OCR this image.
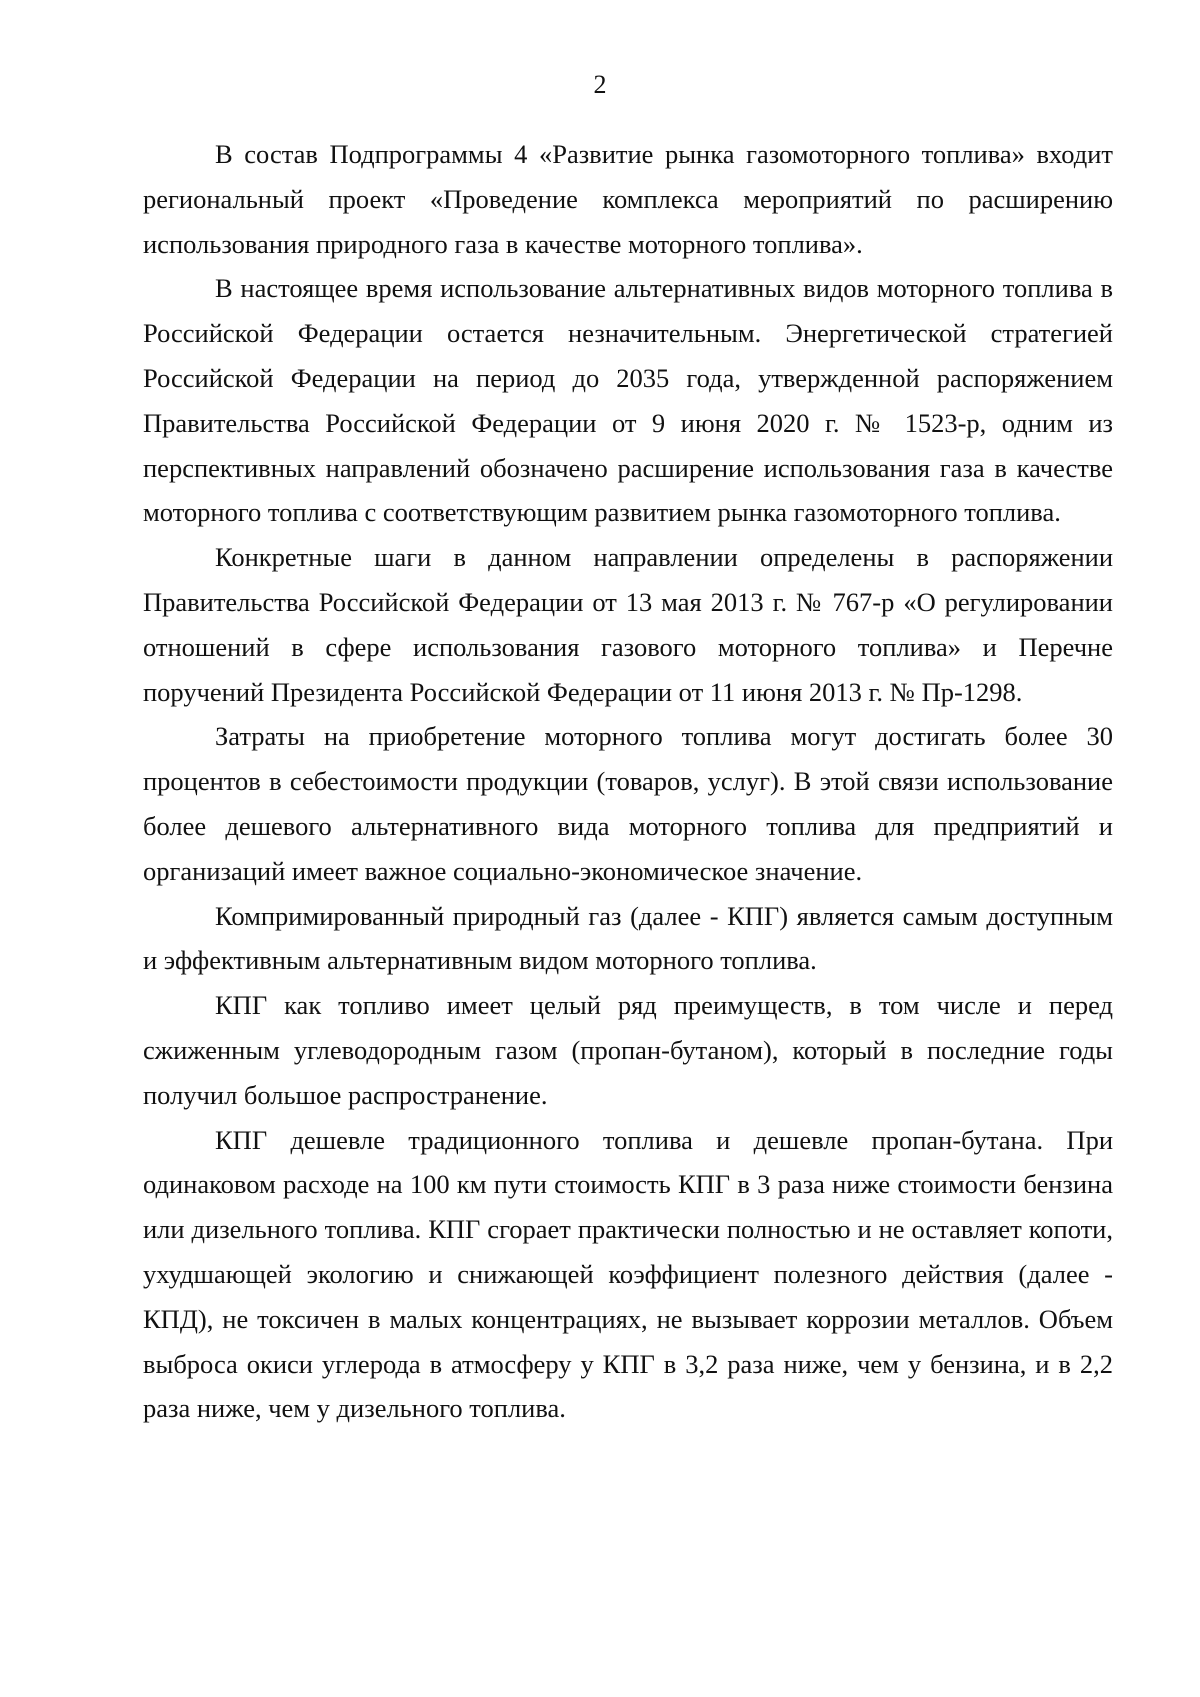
2

В состав Подпрограммы 4 «Развитие рынка газомоторного топлива» входит региональный проект «Проведение комплекса мероприятий по расширению использования природного газа в качестве моторного топлива».

В настоящее время использование альтернативных видов моторного топлива в Российской Федерации остается незначительным. Энергетической стратегией Российской Федерации на период до 2035 года, утвержденной распоряжением Правительства Российской Федерации от 9 июня 2020 г. № 1523-р, одним из перспективных направлений обозначено расширение использования газа в качестве моторного топлива с соответствующим развитием рынка газомоторного топлива.

Конкретные шаги в данном направлении определены в распоряжении Правительства Российской Федерации от 13 мая 2013 г. № 767-р «О регулировании отношений в сфере использования газового моторного топлива» и Перечне поручений Президента Российской Федерации от 11 июня 2013 г. № Пр-1298.

Затраты на приобретение моторного топлива могут достигать более 30 процентов в себестоимости продукции (товаров, услуг). В этой связи использование более дешевого альтернативного вида моторного топлива для предприятий и организаций имеет важное социально-экономическое значение.

Компримированный природный газ (далее - КПГ) является самым доступным и эффективным альтернативным видом моторного топлива.

КПГ как топливо имеет целый ряд преимуществ, в том числе и перед сжиженным углеводородным газом (пропан-бутаном), который в последние годы получил большое распространение.

КПГ дешевле традиционного топлива и дешевле пропан-бутана. При одинаковом расходе на 100 км пути стоимость КПГ в 3 раза ниже стоимости бензина или дизельного топлива. КПГ сгорает практически полностью и не оставляет копоти, ухудшающей экологию и снижающей коэффициент полезного действия (далее - КПД), не токсичен в малых концентрациях, не вызывает коррозии металлов. Объем выброса окиси углерода в атмосферу у КПГ в 3,2 раза ниже, чем у бензина, и в 2,2 раза ниже, чем у дизельного топлива.
